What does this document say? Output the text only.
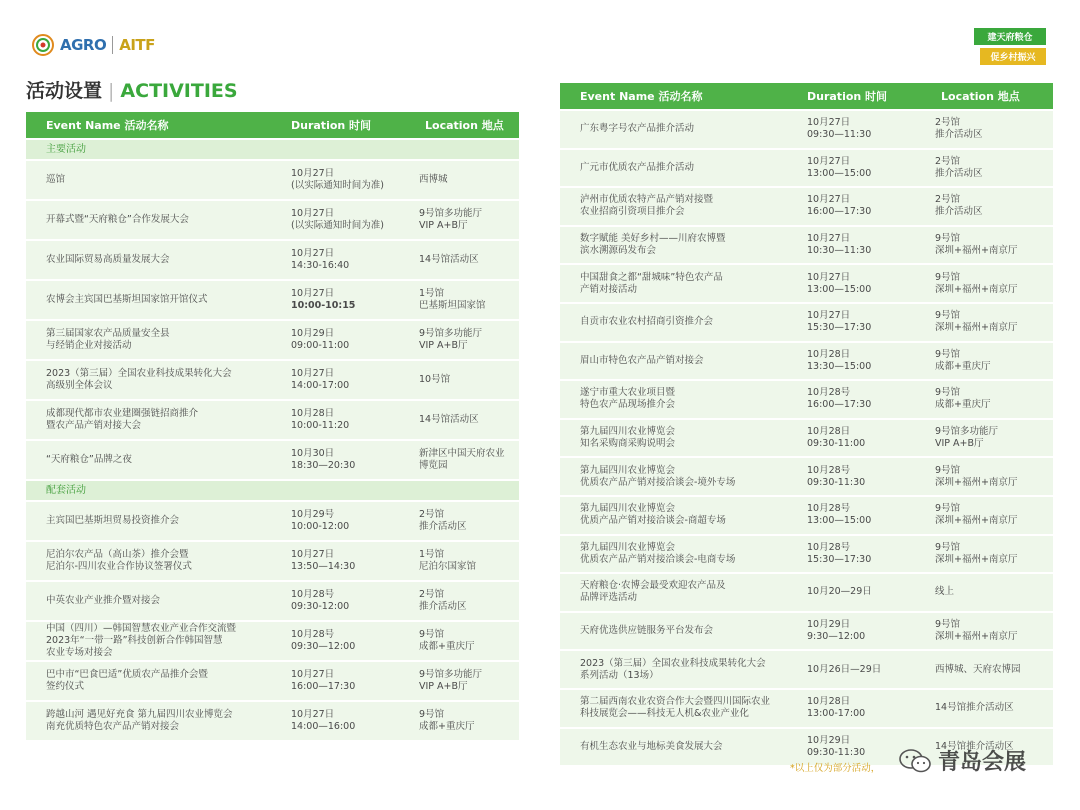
AGRO AITF	建天府粮仓
促乡村振兴
活动设置 | ACTIVITIES
Event Name 活动名称	Duration 时间	Location 地点
主要活动		

巡馆	10月27日
(以实际通知时间为准)	西博城

开幕式暨“天府粮仓”合作发展大会	10月27日
(以实际通知时间为准)	9号馆多功能厅
VIP A+B厅

农业国际贸易高质量发展大会	10月27日
14:30-16:40	14号馆活动区

农博会主宾国巴基斯坦国家馆开馆仪式	10月27日
10:00-10:15	1号馆
巴基斯坦国家馆

第三届国家农产品质量安全县
与经销企业对接活动	10月29日
09:00-11:00	9号馆多功能厅
VIP A+B厅

2023（第三届）全国农业科技成果转化大会
高级别全体会议	10月27日
14:00-17:00	10号馆

成都现代都市农业建圈强链招商推介
暨农产品产销对接大会	10月28日
10:00-11:20	14号馆活动区

“天府粮仓”品牌之夜	10月30日
18:30—20:30	新津区中国天府农业
博览园

配套活动		

主宾国巴基斯坦贸易投资推介会	10月29号
10:00-12:00	2号馆
推介活动区

尼泊尔农产品（高山茶）推介会暨
尼泊尔-四川农业合作协议签署仪式	10月27日
13:50—14:30	1号馆
尼泊尔国家馆

中英农业产业推介暨对接会	10月28号
09:30-12:00	2号馆
推介活动区

中国（四川）—韩国智慧农业产业合作交流暨
2023年“一带一路”科技创新合作韩国智慧
农业专场对接会	10月28号
09:30—12:00	9号馆
成都+重庆厅

巴中市“巴食巴适”优质农产品推介会暨
签约仪式	10月27日
16:00—17:30	9号馆多功能厅
VIP A+B厅

跨越山河 遇见好充食 第九届四川农业博览会
南充优质特色农产品产销对接会	10月27日
14:00—16:00	9号馆
成都+重庆厅
Event Name 活动名称	Duration 时间	Location 地点

广东粤字号农产品推介活动	10月27日
09:30—11:30	2号馆
推介活动区

广元市优质农产品推介活动	10月27日
13:00—15:00	2号馆
推介活动区

泸州市优质农特产品产销对接暨
农业招商引资项目推介会	10月27日
16:00—17:30	2号馆
推介活动区

数字赋能 美好乡村——川府农博暨
滨水溯源码发布会	10月27日
10:30—11:30	9号馆
深圳+福州+南京厅

中国甜食之都“甜城味”特色农产品
产销对接活动	10月27日
13:00—15:00	9号馆
深圳+福州+南京厅

自贡市农业农村招商引资推介会	10月27日
15:30—17:30	9号馆
深圳+福州+南京厅

眉山市特色农产品产销对接会	10月28日
13:30—15:00	9号馆
成都+重庆厅

遂宁市重大农业项目暨
特色农产品现场推介会	10月28号
16:00—17:30	9号馆
成都+重庆厅

第九届四川农业博览会
知名采购商采购说明会	10月28日
09:30-11:00	9号馆多功能厅
VIP A+B厅

第九届四川农业博览会
优质农产品产销对接洽谈会-境外专场	10月28号
09:30-11:30	9号馆
深圳+福州+南京厅

第九届四川农业博览会
优质产品产销对接洽谈会-商超专场	10月28号
13:00—15:00	9号馆
深圳+福州+南京厅

第九届四川农业博览会
优质农产品产销对接洽谈会-电商专场	10月28号
15:30—17:30	9号馆
深圳+福州+南京厅

天府粮仓·农博会最受欢迎农产品及
品牌评选活动	10月20—29日	线上

天府优选供应链服务平台发布会	10月29日
9:30—12:00	9号馆
深圳+福州+南京厅

2023（第三届）全国农业科技成果转化大会
系列活动（13场）	10月26日—29日	西博城、天府农博园

第二届西南农业农资合作大会暨四川国际农业
科技展览会——科技无人机&农业产业化	10月28日
13:00-17:00	14号馆推介活动区

有机生态农业与地标美食发展大会	10月29日
09:30-11:30	14号馆推介活动区
*以上仅为部分活动，	青岛会展
